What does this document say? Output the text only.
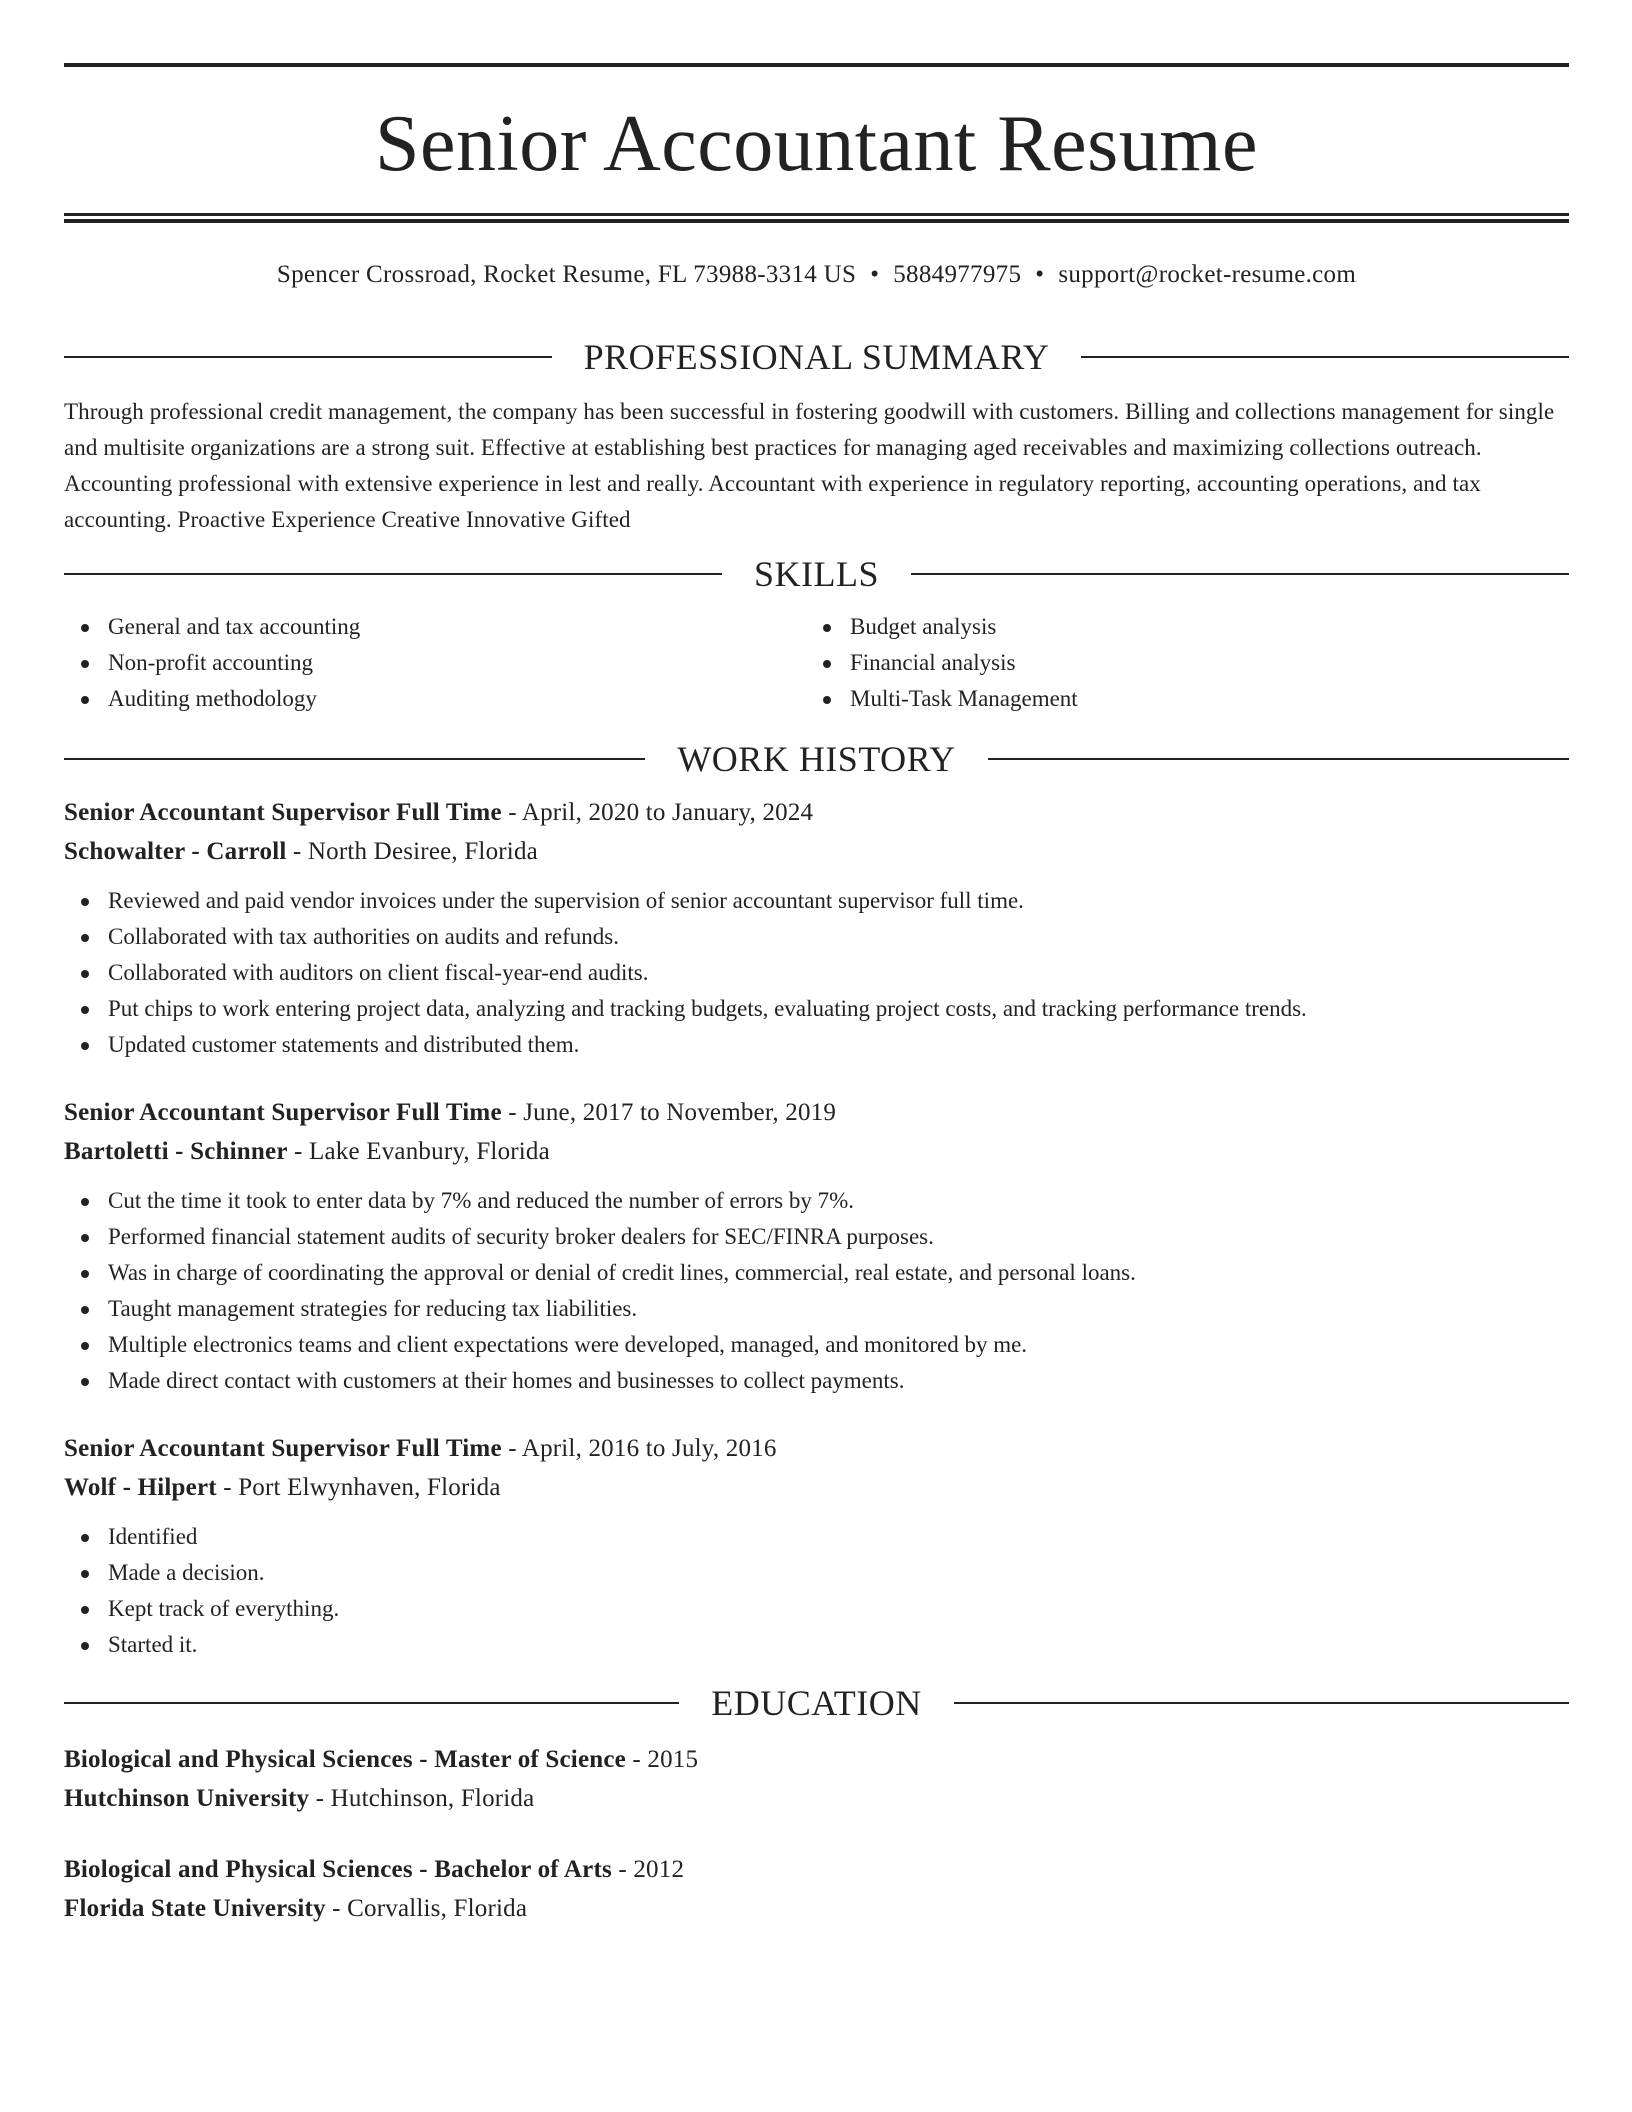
Senior Accountant Resume
Spencer Crossroad, Rocket Resume, FL 73988-3314 US • 5884977975 • support@rocket-resume.com
PROFESSIONAL SUMMARY

Through professional credit management, the company has been successful in fostering goodwill with customers. Billing and collections management for single and multisite organizations are a strong suit. Effective at establishing best practices for managing aged receivables and maximizing collections outreach. Accounting professional with extensive experience in lest and really. Accountant with experience in regulatory reporting, accounting operations, and tax accounting. Proactive Experience Creative Innovative Gifted

SKILLS
General and tax accounting
Non-profit accounting
Auditing methodology
Budget analysis
Financial analysis
Multi-Task Management
WORK HISTORY
Senior Accountant Supervisor Full Time - April, 2020 to January, 2024
Schowalter - Carroll - North Desiree, Florida
Reviewed and paid vendor invoices under the supervision of senior accountant supervisor full time.
Collaborated with tax authorities on audits and refunds.
Collaborated with auditors on client fiscal-year-end audits.
Put chips to work entering project data, analyzing and tracking budgets, evaluating project costs, and tracking performance trends.
Updated customer statements and distributed them.
Senior Accountant Supervisor Full Time - June, 2017 to November, 2019
Bartoletti - Schinner - Lake Evanbury, Florida
Cut the time it took to enter data by 7% and reduced the number of errors by 7%.
Performed financial statement audits of security broker dealers for SEC/FINRA purposes.
Was in charge of coordinating the approval or denial of credit lines, commercial, real estate, and personal loans.
Taught management strategies for reducing tax liabilities.
Multiple electronics teams and client expectations were developed, managed, and monitored by me.
Made direct contact with customers at their homes and businesses to collect payments.
Senior Accountant Supervisor Full Time - April, 2016 to July, 2016
Wolf - Hilpert - Port Elwynhaven, Florida
Identified
Made a decision.
Kept track of everything.
Started it.
EDUCATION
Biological and Physical Sciences - Master of Science - 2015
Hutchinson University - Hutchinson, Florida
Biological and Physical Sciences - Bachelor of Arts - 2012
Florida State University - Corvallis, Florida
